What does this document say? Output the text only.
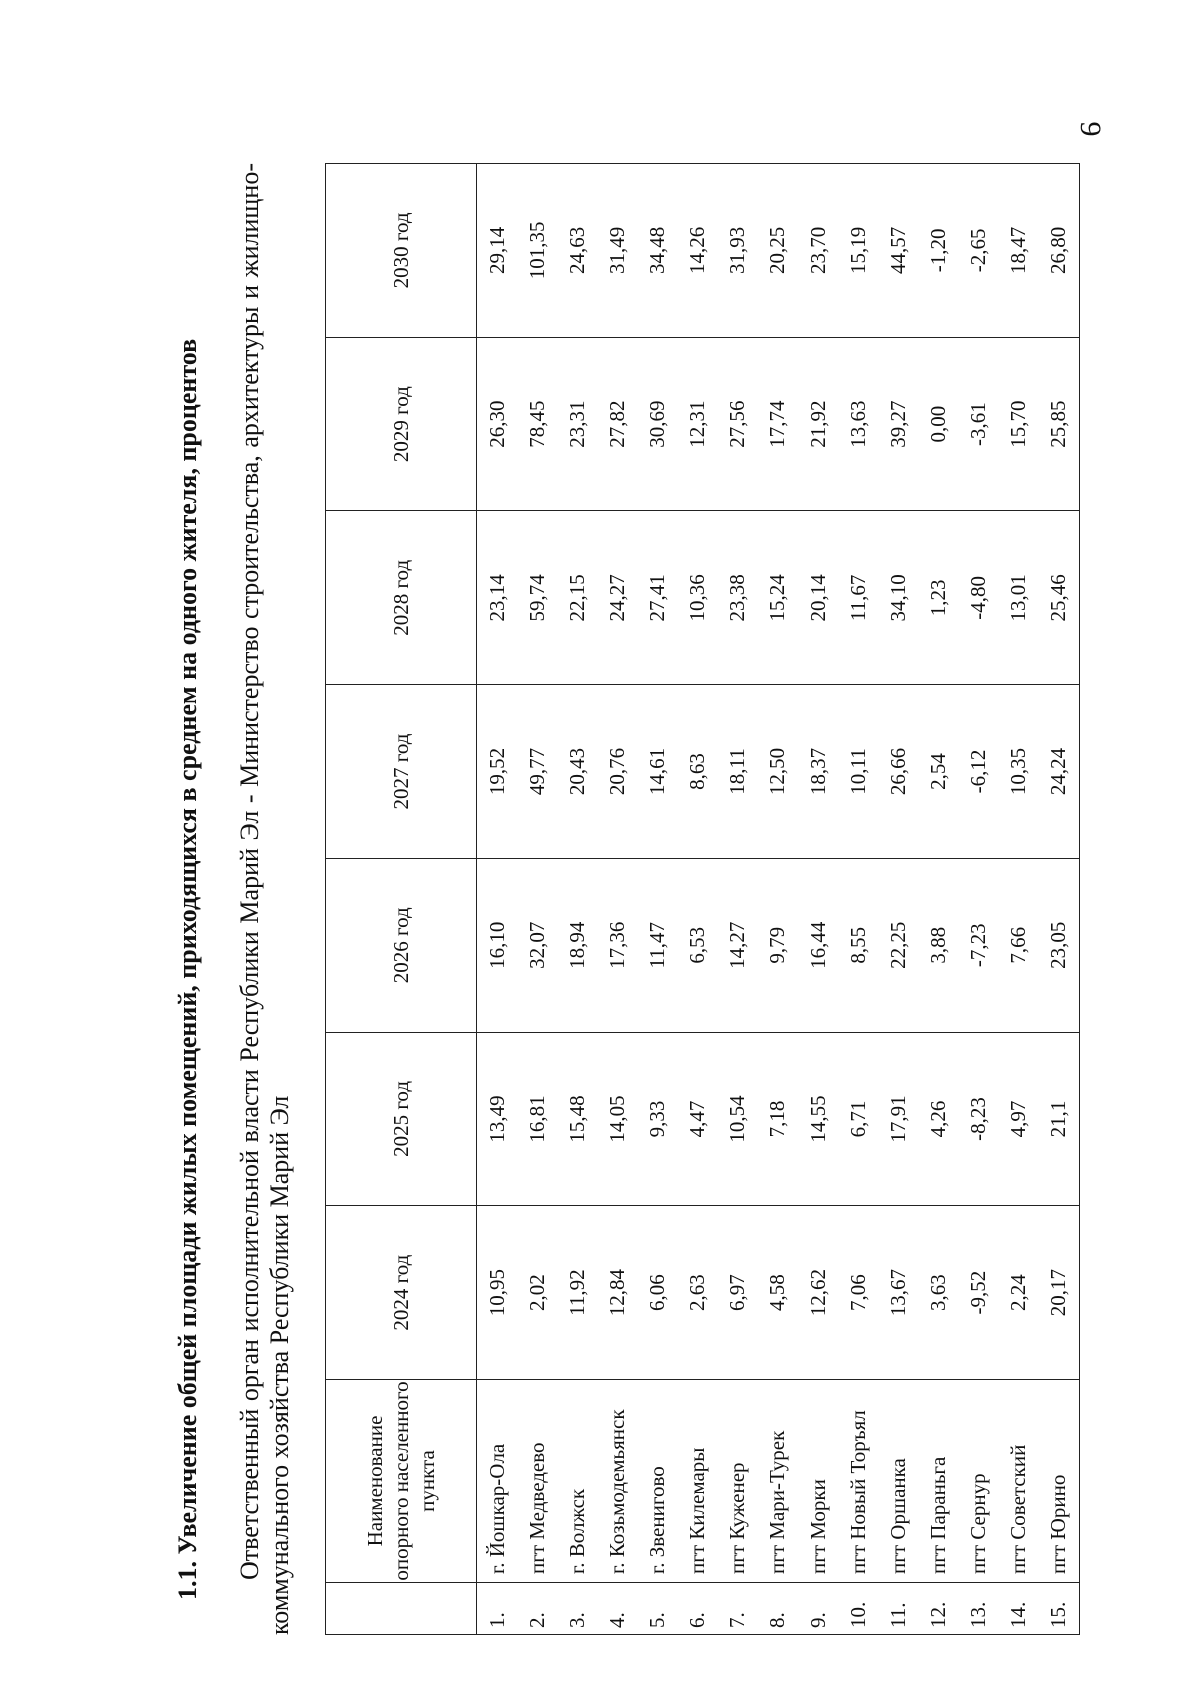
9
1.1. Увеличение общей площади жилых помещений, приходящихся в среднем на одного жителя, процентов Ответственный орган исполнительной власти Республики Марий Эл - Министерство строительства, архитектуры и жилищно-коммунального хозяйства Республики Марий Эл
		Наименование опорного населенного пункта	2024 год	2025 год	2026 год	2027 год	2028 год	2029 год	2030 год
1.	г. Йошкар-Ола	10,95	13,49	16,10	19,52	23,14	26,30	29,14
2.	пгт Медведево	2,02	16,81	32,07	49,77	59,74	78,45	101,35
3.	г. Волжск	11,92	15,48	18,94	20,43	22,15	23,31	24,63
4.	г. Козьмодемьянск	12,84	14,05	17,36	20,76	24,27	27,82	31,49
5.	г. Звенигово	6,06	9,33	11,47	14,61	27,41	30,69	34,48
6.	пгт Килемары	2,63	4,47	6,53	8,63	10,36	12,31	14,26
7.	пгт Куженер	6,97	10,54	14,27	18,11	23,38	27,56	31,93
8.	пгт Мари-Турек	4,58	7,18	9,79	12,50	15,24	17,74	20,25
9.	пгт Морки	12,62	14,55	16,44	18,37	20,14	21,92	23,70
10.	пгт Новый Торъял	7,06	6,71	8,55	10,11	11,67	13,63	15,19
11.	пгт Оршанка	13,67	17,91	22,25	26,66	34,10	39,27	44,57
12.	пгт Параньга	3,63	4,26	3,88	2,54	1,23	0,00	-1,20
13.	пгт Сернур	-9,52	-8,23	-7,23	-6,12	-4,80	-3,61	-2,65
14.	пгт Советский	2,24	4,97	7,66	10,35	13,01	15,70	18,47
15.	пгт Юрино	20,17	21,1	23,05	24,24	25,46	25,85	26,80
